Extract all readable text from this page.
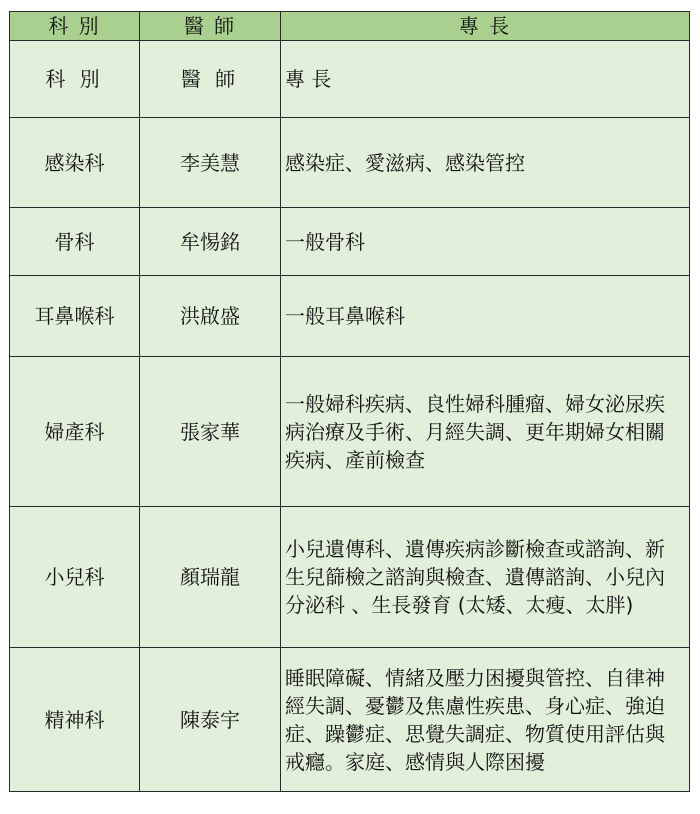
科 別	醫 師	專 長
科 別	醫 師	專 長
感染科	李美慧	感染症、愛滋病、感染管控
骨科	牟惕銘	一般骨科
耳鼻喉科	洪啟盛	一般耳鼻喉科
婦產科	張家華	一般婦科疾病、良性婦科腫瘤、婦女泌尿疾病治療及手術、月經失調、更年期婦女相關疾病、產前檢查
小兒科	顏瑞龍	小兒遺傳科、遺傳疾病診斷檢查或諮詢、新生兒篩檢之諮詢與檢查、遺傳諮詢、小兒內分泌科 、生長發育 (太矮、太瘦、太胖)
精神科	陳泰宇	睡眠障礙、情緒及壓力困擾與管控、自律神經失調、憂鬱及焦慮性疾患、身心症、強迫症、躁鬱症、思覺失調症、物質使用評估與戒癮。家庭、感情與人際困擾
